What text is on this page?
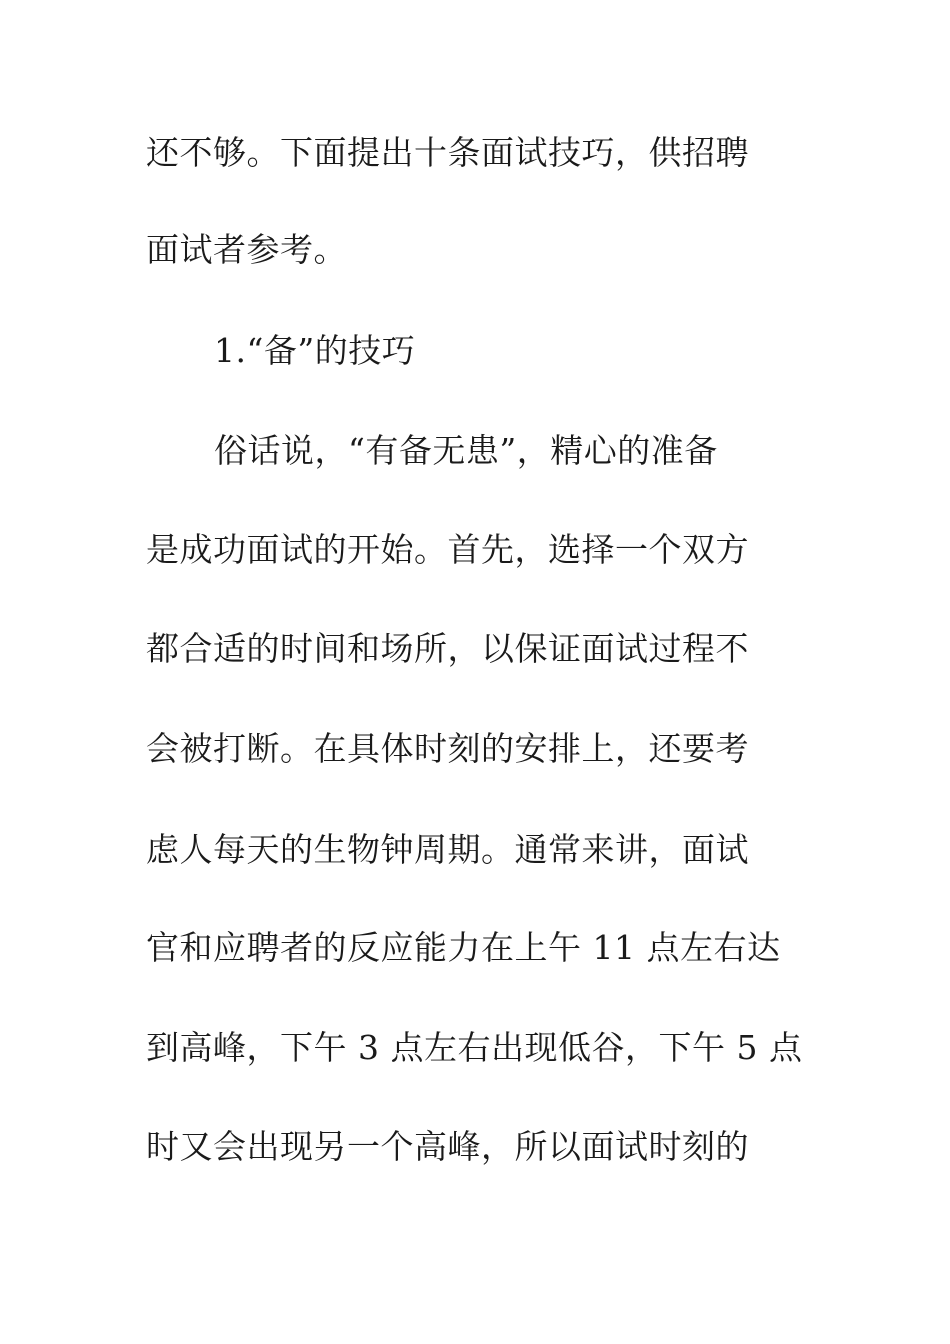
还不够。下面提出十条面试技巧，供招聘
面试者参考。
1.“备”的技巧
俗话说，“有备无患”，精心的准备
是成功面试的开始。首先，选择一个双方
都合适的时间和场所，以保证面试过程不
会被打断。在具体时刻的安排上，还要考
虑人每天的生物钟周期。通常来讲，面试
官和应聘者的反应能力在上午 11 点左右达
到高峰，下午 3 点左右出现低谷，下午 5 点
时又会出现另一个高峰，所以面试时刻的
